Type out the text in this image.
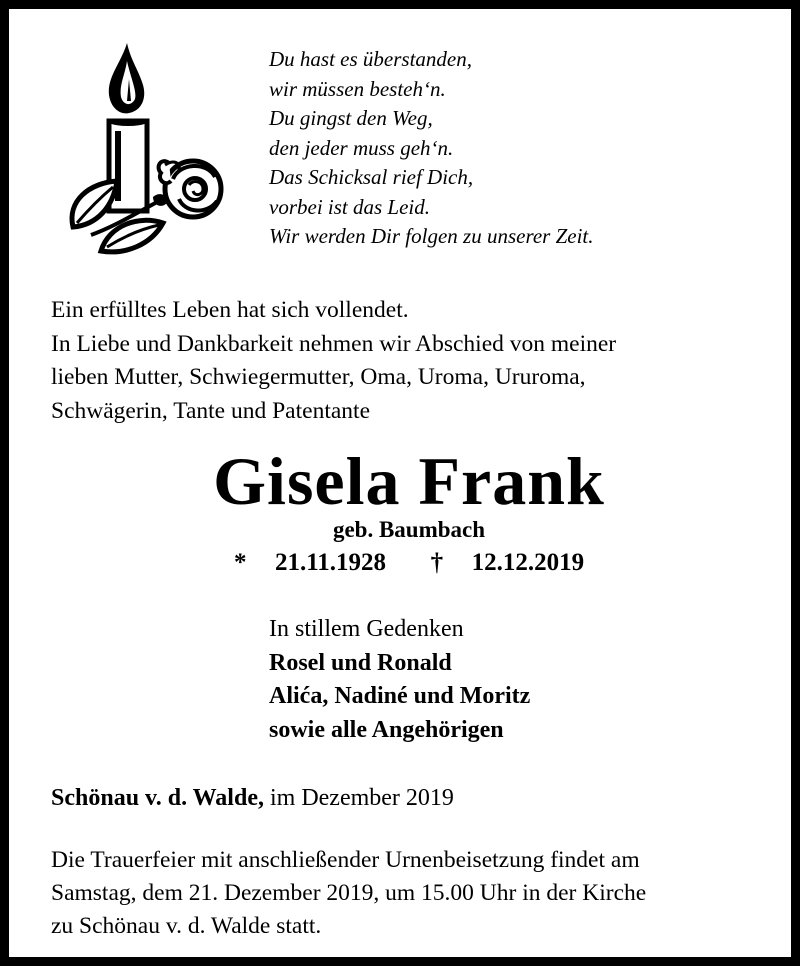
Du hast es überstanden,
wir müssen besteh‘n.
Du gingst den Weg,
den jeder muss geh‘n.
Das Schicksal rief Dich,
vorbei ist das Leid.
Wir werden Dir folgen zu unserer Zeit.
Ein erfülltes Leben hat sich vollendet.
In Liebe und Dankbarkeit nehmen wir Abschied von meiner
lieben Mutter, Schwiegermutter, Oma, Uroma, Ururoma,
Schwägerin, Tante und Patentante
Gisela Frank
geb. Baumbach
* 21.11.1928 † 12.12.2019
In stillem Gedenken
Rosel und Ronald
Alića, Nadiné und Moritz
sowie alle Angehörigen
Schönau v. d. Walde, im Dezember 2019
Die Trauerfeier mit anschließender Urnenbeisetzung findet am
Samstag, dem 21. Dezember 2019, um 15.00 Uhr in der Kirche
zu Schönau v. d. Walde statt.
